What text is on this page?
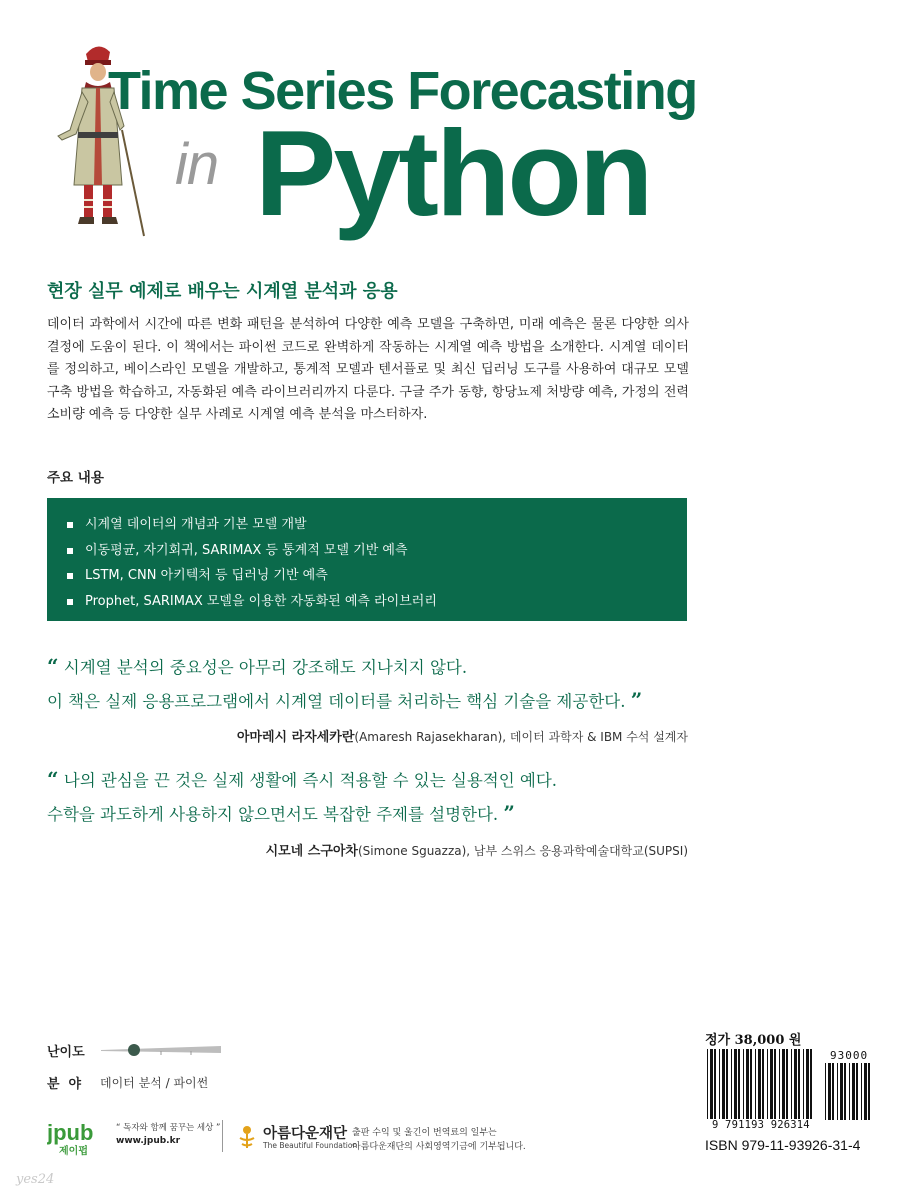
Time Series Forecasting
in Python
현장 실무 예제로 배우는 시계열 분석과 응용
데이터 과학에서 시간에 따른 변화 패턴을 분석하여 다양한 예측 모델을 구축하면, 미래 예측은 물론 다양한 의사결정에 도움이 된다. 이 책에서는 파이썬 코드로 완벽하게 작동하는 시계열 예측 방법을 소개한다. 시계열 데이터를 정의하고, 베이스라인 모델을 개발하고, 통계적 모델과 텐서플로 및 최신 딥러닝 도구를 사용하여 대규모 모델 구축 방법을 학습하고, 자동화된 예측 라이브러리까지 다룬다. 구글 주가 동향, 항당뇨제 처방량 예측, 가정의 전력 소비량 예측 등 다양한 실무 사례로 시계열 예측 분석을 마스터하자.
주요 내용
시계열 데이터의 개념과 기본 모델 개발
이동평균, 자기회귀, SARIMAX 등 통계적 모델 기반 예측
LSTM, CNN 아키텍처 등 딥러닝 기반 예측
Prophet, SARIMAX 모델을 이용한 자동화된 예측 라이브러리
“ 시계열 분석의 중요성은 아무리 강조해도 지나치지 않다.
이 책은 실제 응용프로그램에서 시계열 데이터를 처리하는 핵심 기술을 제공한다. ”
아마레시 라자세카란(Amaresh Rajasekharan), 데이터 과학자 & IBM 수석 설계자
“ 나의 관심을 끈 것은 실제 생활에 즉시 적용할 수 있는 실용적인 예다.
수학을 과도하게 사용하지 않으면서도 복잡한 주제를 설명한다. ”
시모네 스구아차(Simone Sguazza), 남부 스위스 응용과학예술대학교(SUPSI)
난이도
분야 데이터 분석 / 파이썬
jpub
제이펍
“ 독자와 함께 꿈꾸는 세상 ”
www.jpub.kr	아름다운재단
The Beautiful Foundation
출판 수익 및 울긴이 번역료의 일부는
아름다운재단의 사회영역기금에 기부됩니다.
yes24
정가 38,000 원
93000
9 791193 926314
ISBN 979-11-93926-31-4
